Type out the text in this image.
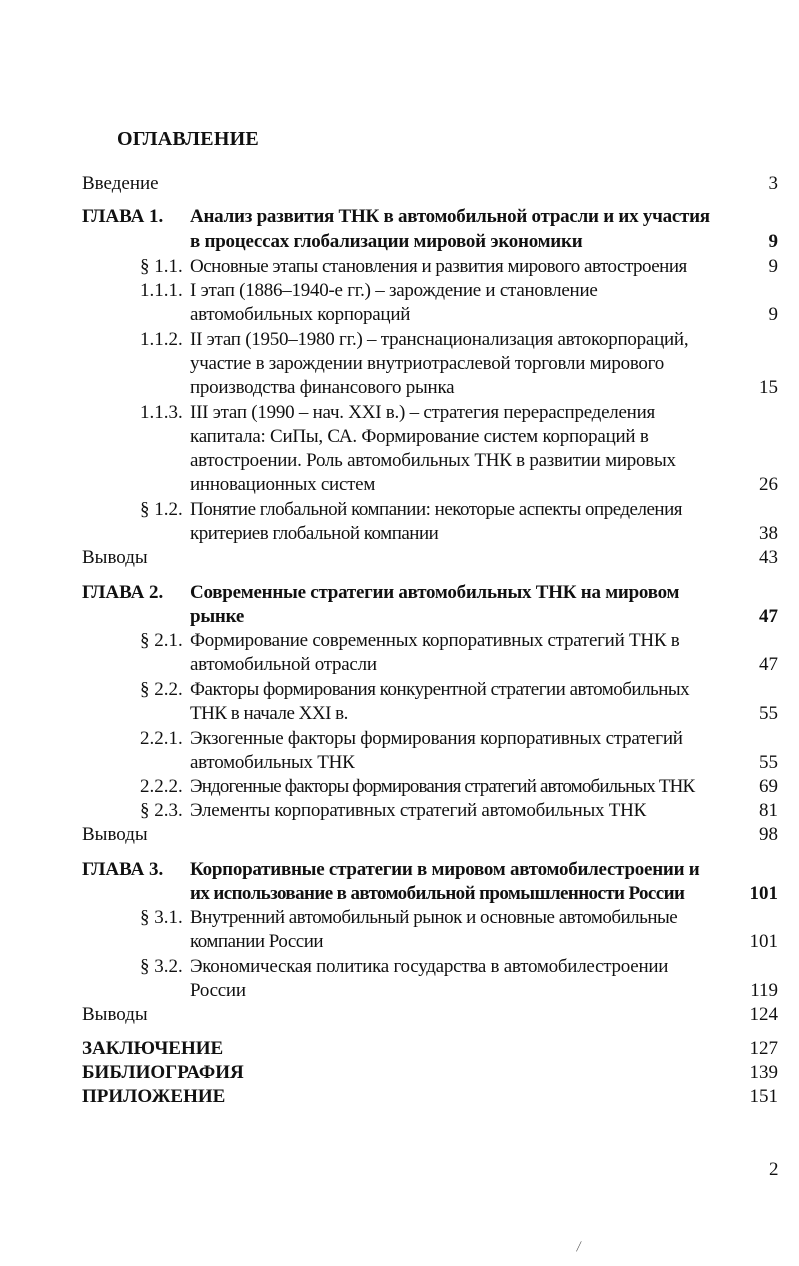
ОГЛАВЛЕНИЕ
Введение	3
ГЛАВА 1. Анализ развития ТНК в автомобильной отрасли и их участия
в процессах глобализации мировой экономики	9
§ 1.1. Основные этапы становления и развития мирового автостроения	9
1.1.1. I этап (1886–1940-е гг.) – зарождение и становление
автомобильных корпораций	9
1.1.2. II этап (1950–1980 гг.) – транснационализация автокорпораций,
участие в зарождении внутриотраслевой торговли мирового
производства финансового рынка	15
1.1.3. III этап (1990 – нач. XXI в.) – стратегия перераспределения
капитала: СиПы, СА. Формирование систем корпораций в
автостроении. Роль автомобильных ТНК в развитии мировых
инновационных систем	26
§ 1.2. Понятие глобальной компании: некоторые аспекты определения
критериев глобальной компании	38
Выводы	43
ГЛАВА 2. Современные стратегии автомобильных ТНК на мировом
рынке	47
§ 2.1. Формирование современных корпоративных стратегий ТНК в
автомобильной отрасли	47
§ 2.2. Факторы формирования конкурентной стратегии автомобильных
ТНК в начале XXI в.	55
2.2.1. Экзогенные факторы формирования корпоративных стратегий
автомобильных ТНК	55
2.2.2. Эндогенные факторы формирования стратегий автомобильных ТНК	69
§ 2.3. Элементы корпоративных стратегий автомобильных ТНК	81
Выводы	98
ГЛАВА 3. Корпоративные стратегии в мировом автомобилестроении и
их использование в автомобильной промышленности России	101
§ 3.1. Внутренний автомобильный рынок и основные автомобильные
компании России	101
§ 3.2. Экономическая политика государства в автомобилестроении
России	119
Выводы	124
ЗАКЛЮЧЕНИЕ	127
БИБЛИОГРАФИЯ	139
ПРИЛОЖЕНИЕ	151
2
⁄
